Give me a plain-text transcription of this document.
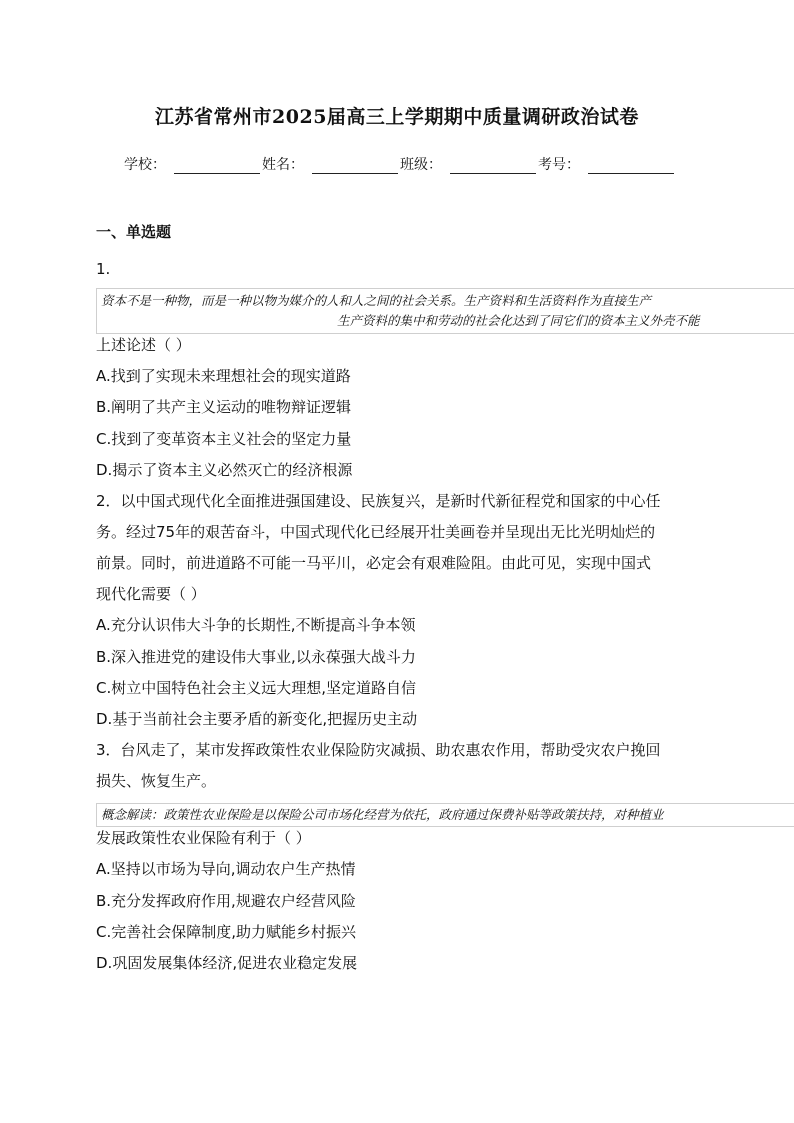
江苏省常州市2025届高三上学期期中质量调研政治试卷
学校：	姓名：	班级：	考号：
一、单选题
1.
资本不是一种物，而是一种以物为媒介的人和人之间的社会关系。生产资料和生活资料作为直接生产
生产资料的集中和劳动的社会化达到了同它们的资本主义外壳不能
上述论述（ ）
A.找到了实现未来理想社会的现实道路
B.阐明了共产主义运动的唯物辩证逻辑
C.找到了变革资本主义社会的坚定力量
D.揭示了资本主义必然灭亡的经济根源
2．以中国式现代化全面推进强国建设、民族复兴，是新时代新征程党和国家的中心任
务。经过75年的艰苦奋斗，中国式现代化已经展开壮美画卷并呈现出无比光明灿烂的
前景。同时，前进道路不可能一马平川，必定会有艰难险阻。由此可见，实现中国式
现代化需要（ ）
A.充分认识伟大斗争的长期性,不断提高斗争本领
B.深入推进党的建设伟大事业,以永葆强大战斗力
C.树立中国特色社会主义远大理想,坚定道路自信
D.基于当前社会主要矛盾的新变化,把握历史主动
3．台风走了，某市发挥政策性农业保险防灾减损、助农惠农作用，帮助受灾农户挽回
损失、恢复生产。
概念解读：政策性农业保险是以保险公司市场化经营为依托，政府通过保费补贴等政策扶持，对种植业
发展政策性农业保险有利于（ ）
A.坚持以市场为导向,调动农户生产热情
B.充分发挥政府作用,规避农户经营风险
C.完善社会保障制度,助力赋能乡村振兴
D.巩固发展集体经济,促进农业稳定发展
